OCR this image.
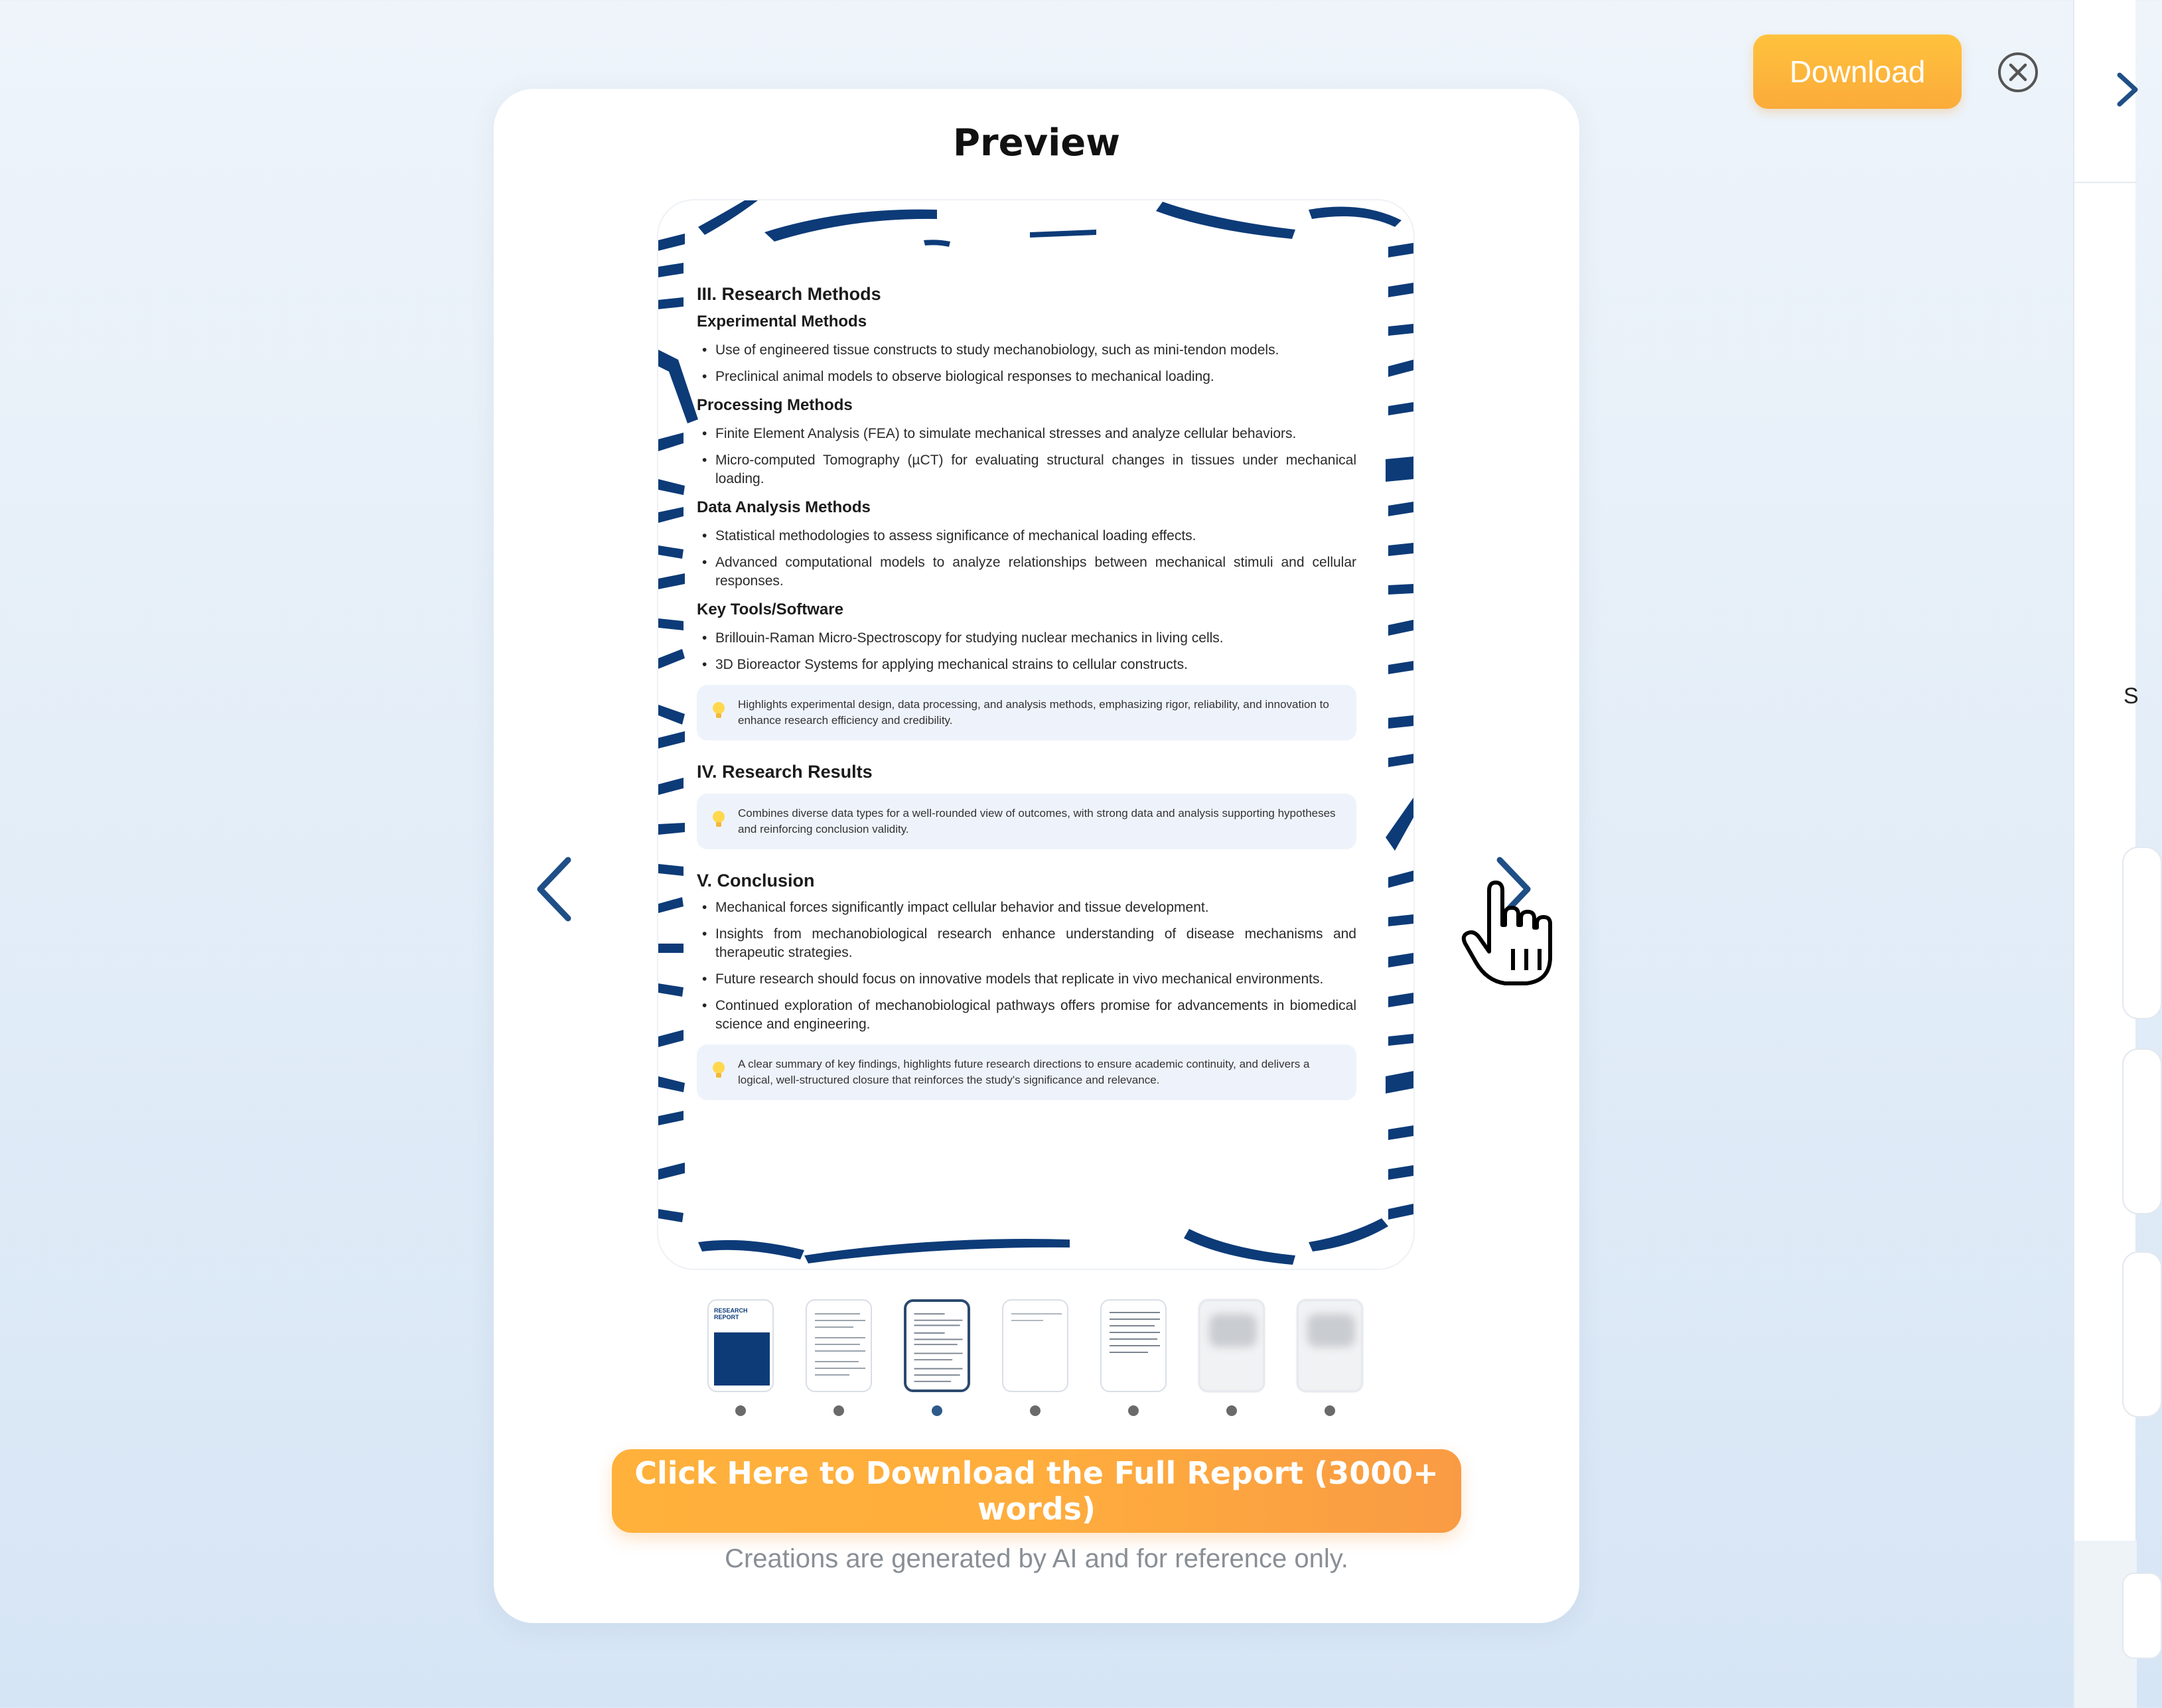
S
Download
Preview
III. Research Methods
Experimental Methods
• Use of engineered tissue constructs to study mechanobiology, such as mini-tendon models.
• Preclinical animal models to observe biological responses to mechanical loading.
Processing Methods
• Finite Element Analysis (FEA) to simulate mechanical stresses and analyze cellular behaviors.
• Micro-computed Tomography (µCT) for evaluating structural changes in tissues under mechanical loading.
Data Analysis Methods
• Statistical methodologies to assess significance of mechanical loading effects.
• Advanced computational models to analyze relationships between mechanical stimuli and cellular responses.
Key Tools/Software
• Brillouin-Raman Micro-Spectroscopy for studying nuclear mechanics in living cells.
• 3D Bioreactor Systems for applying mechanical strains to cellular constructs.
Highlights experimental design, data processing, and analysis methods, emphasizing rigor, reliability, and innovation to enhance research efficiency and credibility.
IV. Research Results
Combines diverse data types for a well-rounded view of outcomes, with strong data and analysis supporting hypotheses and reinforcing conclusion validity.
V. Conclusion
• Mechanical forces significantly impact cellular behavior and tissue development.
• Insights from mechanobiological research enhance understanding of disease mechanisms and therapeutic strategies.
• Future research should focus on innovative models that replicate in vivo mechanical environments.
• Continued exploration of mechanobiological pathways offers promise for advancements in biomedical science and engineering.
A clear summary of key findings, highlights future research directions to ensure academic continuity, and delivers a logical, well-structured closure that reinforces the study's significance and relevance.
RESEARCH REPORT
Click Here to Download the Full Report (3000+ words)
Creations are generated by AI and for reference only.
